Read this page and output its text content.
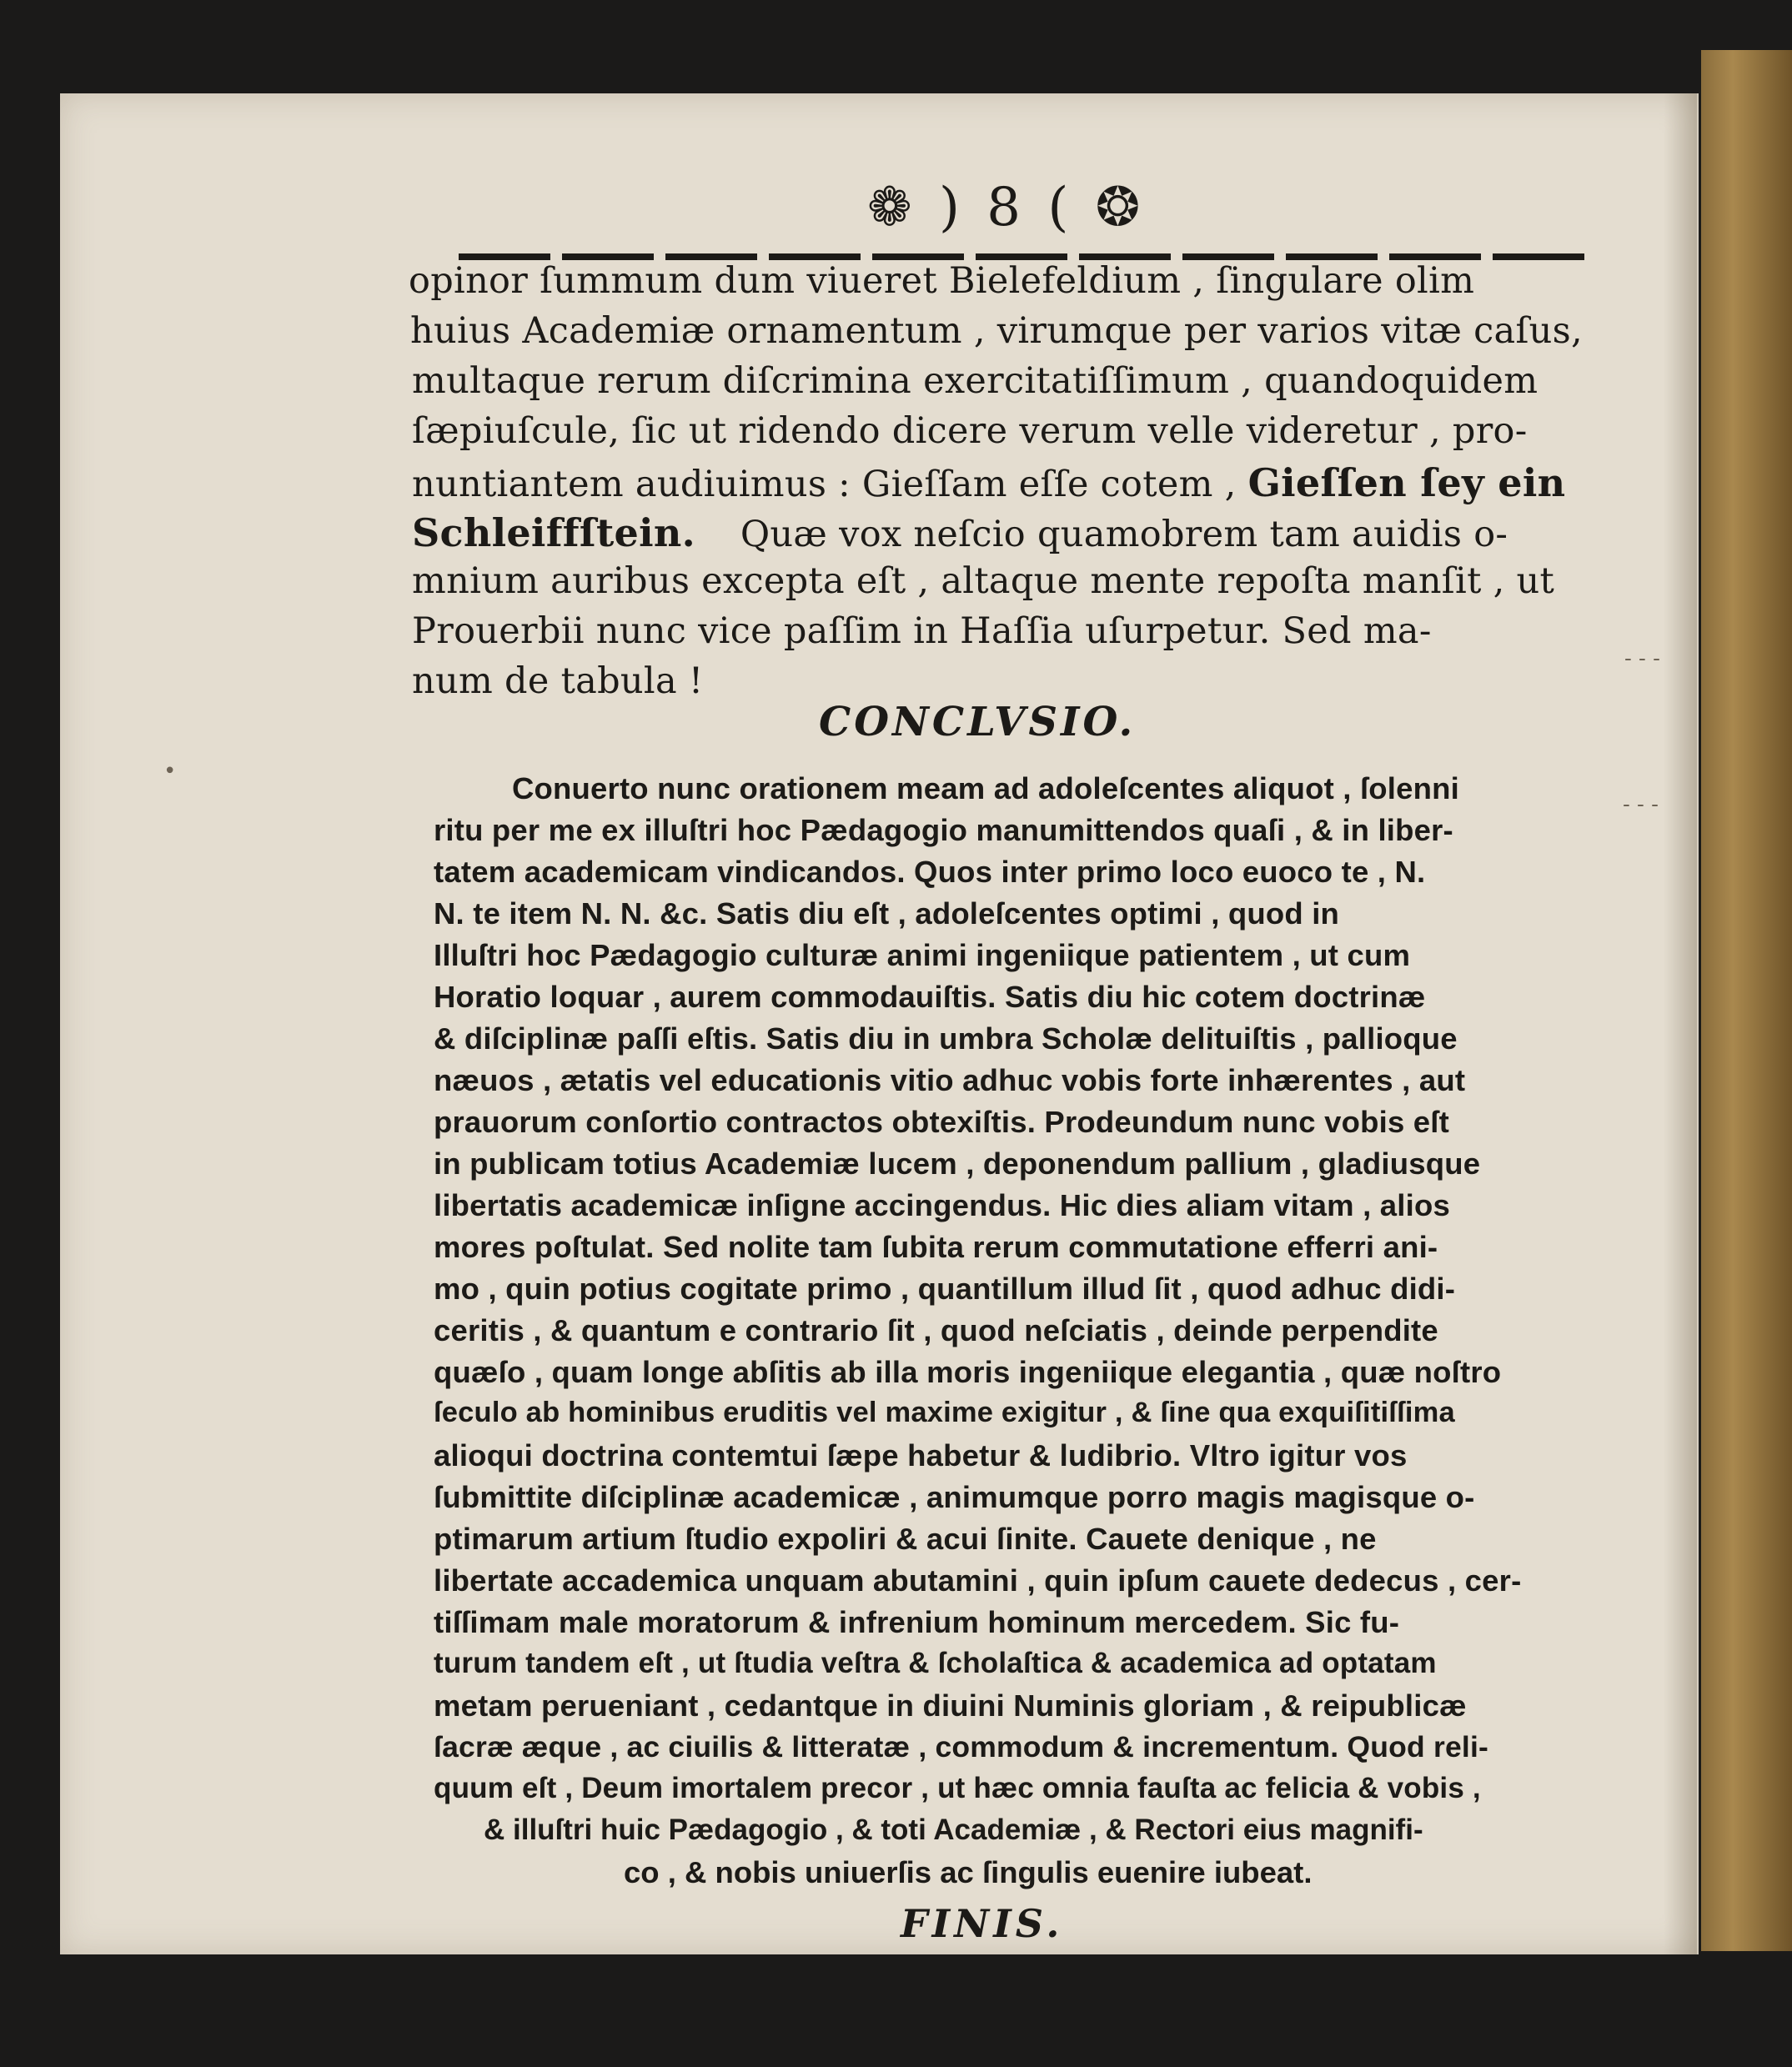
❁ ) 8 ( ❂
•
- - -
- - -
opinor ſummum dum viueret Bielefeldium , ſingulare olim
huius Academiæ ornamentum , virumque per varios vitæ caſus,
multaque rerum diſcrimina exercitatiſſimum , quandoquidem
ſæpiuſcule, ſic ut ridendo dicere verum velle videretur , pro-
nuntiantem audiuimus : Gieſſam eſſe cotem , Gieſſen ſey ein
Schleiffſtein. Quæ vox neſcio quamobrem tam auidis o-
mnium auribus excepta eſt , altaque mente repoſta manſit , ut
Prouerbii nunc vice paſſim in Haſſia uſurpetur. Sed ma-
num de tabula !
CONCLVSIO.
Conuerto nunc orationem meam ad adoleſcentes aliquot , ſolenni
ritu per me ex illuſtri hoc Pædagogio manumittendos quaſi , & in liber-
tatem academicam vindicandos. Quos inter primo loco euoco te , N.
N. te item N. N. &c. Satis diu eſt , adoleſcentes optimi , quod in
Illuſtri hoc Pædagogio culturæ animi ingeniique patientem , ut cum
Horatio loquar , aurem commodauiſtis. Satis diu hic cotem doctrinæ
& diſciplinæ paſſi eſtis. Satis diu in umbra Scholæ delituiſtis , pallioque
næuos , ætatis vel educationis vitio adhuc vobis forte inhærentes , aut
prauorum conſortio contractos obtexiſtis. Prodeundum nunc vobis eſt
in publicam totius Academiæ lucem , deponendum pallium , gladiusque
libertatis academicæ inſigne accingendus. Hic dies aliam vitam , alios
mores poſtulat. Sed nolite tam ſubita rerum commutatione efferri ani-
mo , quin potius cogitate primo , quantillum illud ſit , quod adhuc didi-
ceritis , & quantum e contrario ſit , quod neſciatis , deinde perpendite
quæſo , quam longe abſitis ab illa moris ingeniique elegantia , quæ noſtro
ſeculo ab hominibus eruditis vel maxime exigitur , & ſine qua exquiſitiſſima
alioqui doctrina contemtui ſæpe habetur & ludibrio. Vltro igitur vos
ſubmittite diſciplinæ academicæ , animumque porro magis magisque o-
ptimarum artium ſtudio expoliri & acui ſinite. Cauete denique , ne
libertate accademica unquam abutamini , quin ipſum cauete dedecus , cer-
tiſſimam male moratorum & infrenium hominum mercedem. Sic fu-
turum tandem eſt , ut ſtudia veſtra & ſcholaſtica & academica ad optatam
metam perueniant , cedantque in diuini Numinis gloriam , & reipublicæ
ſacræ æque , ac ciuilis & litteratæ , commodum & incrementum. Quod reli-
quum eſt , Deum imortalem precor , ut hæc omnia fauſta ac felicia & vobis ,
& illuſtri huic Pædagogio , & toti Academiæ , & Rectori eius magnifi-
co , & nobis uniuerſis ac ſingulis euenire iubeat.
FINIS.
